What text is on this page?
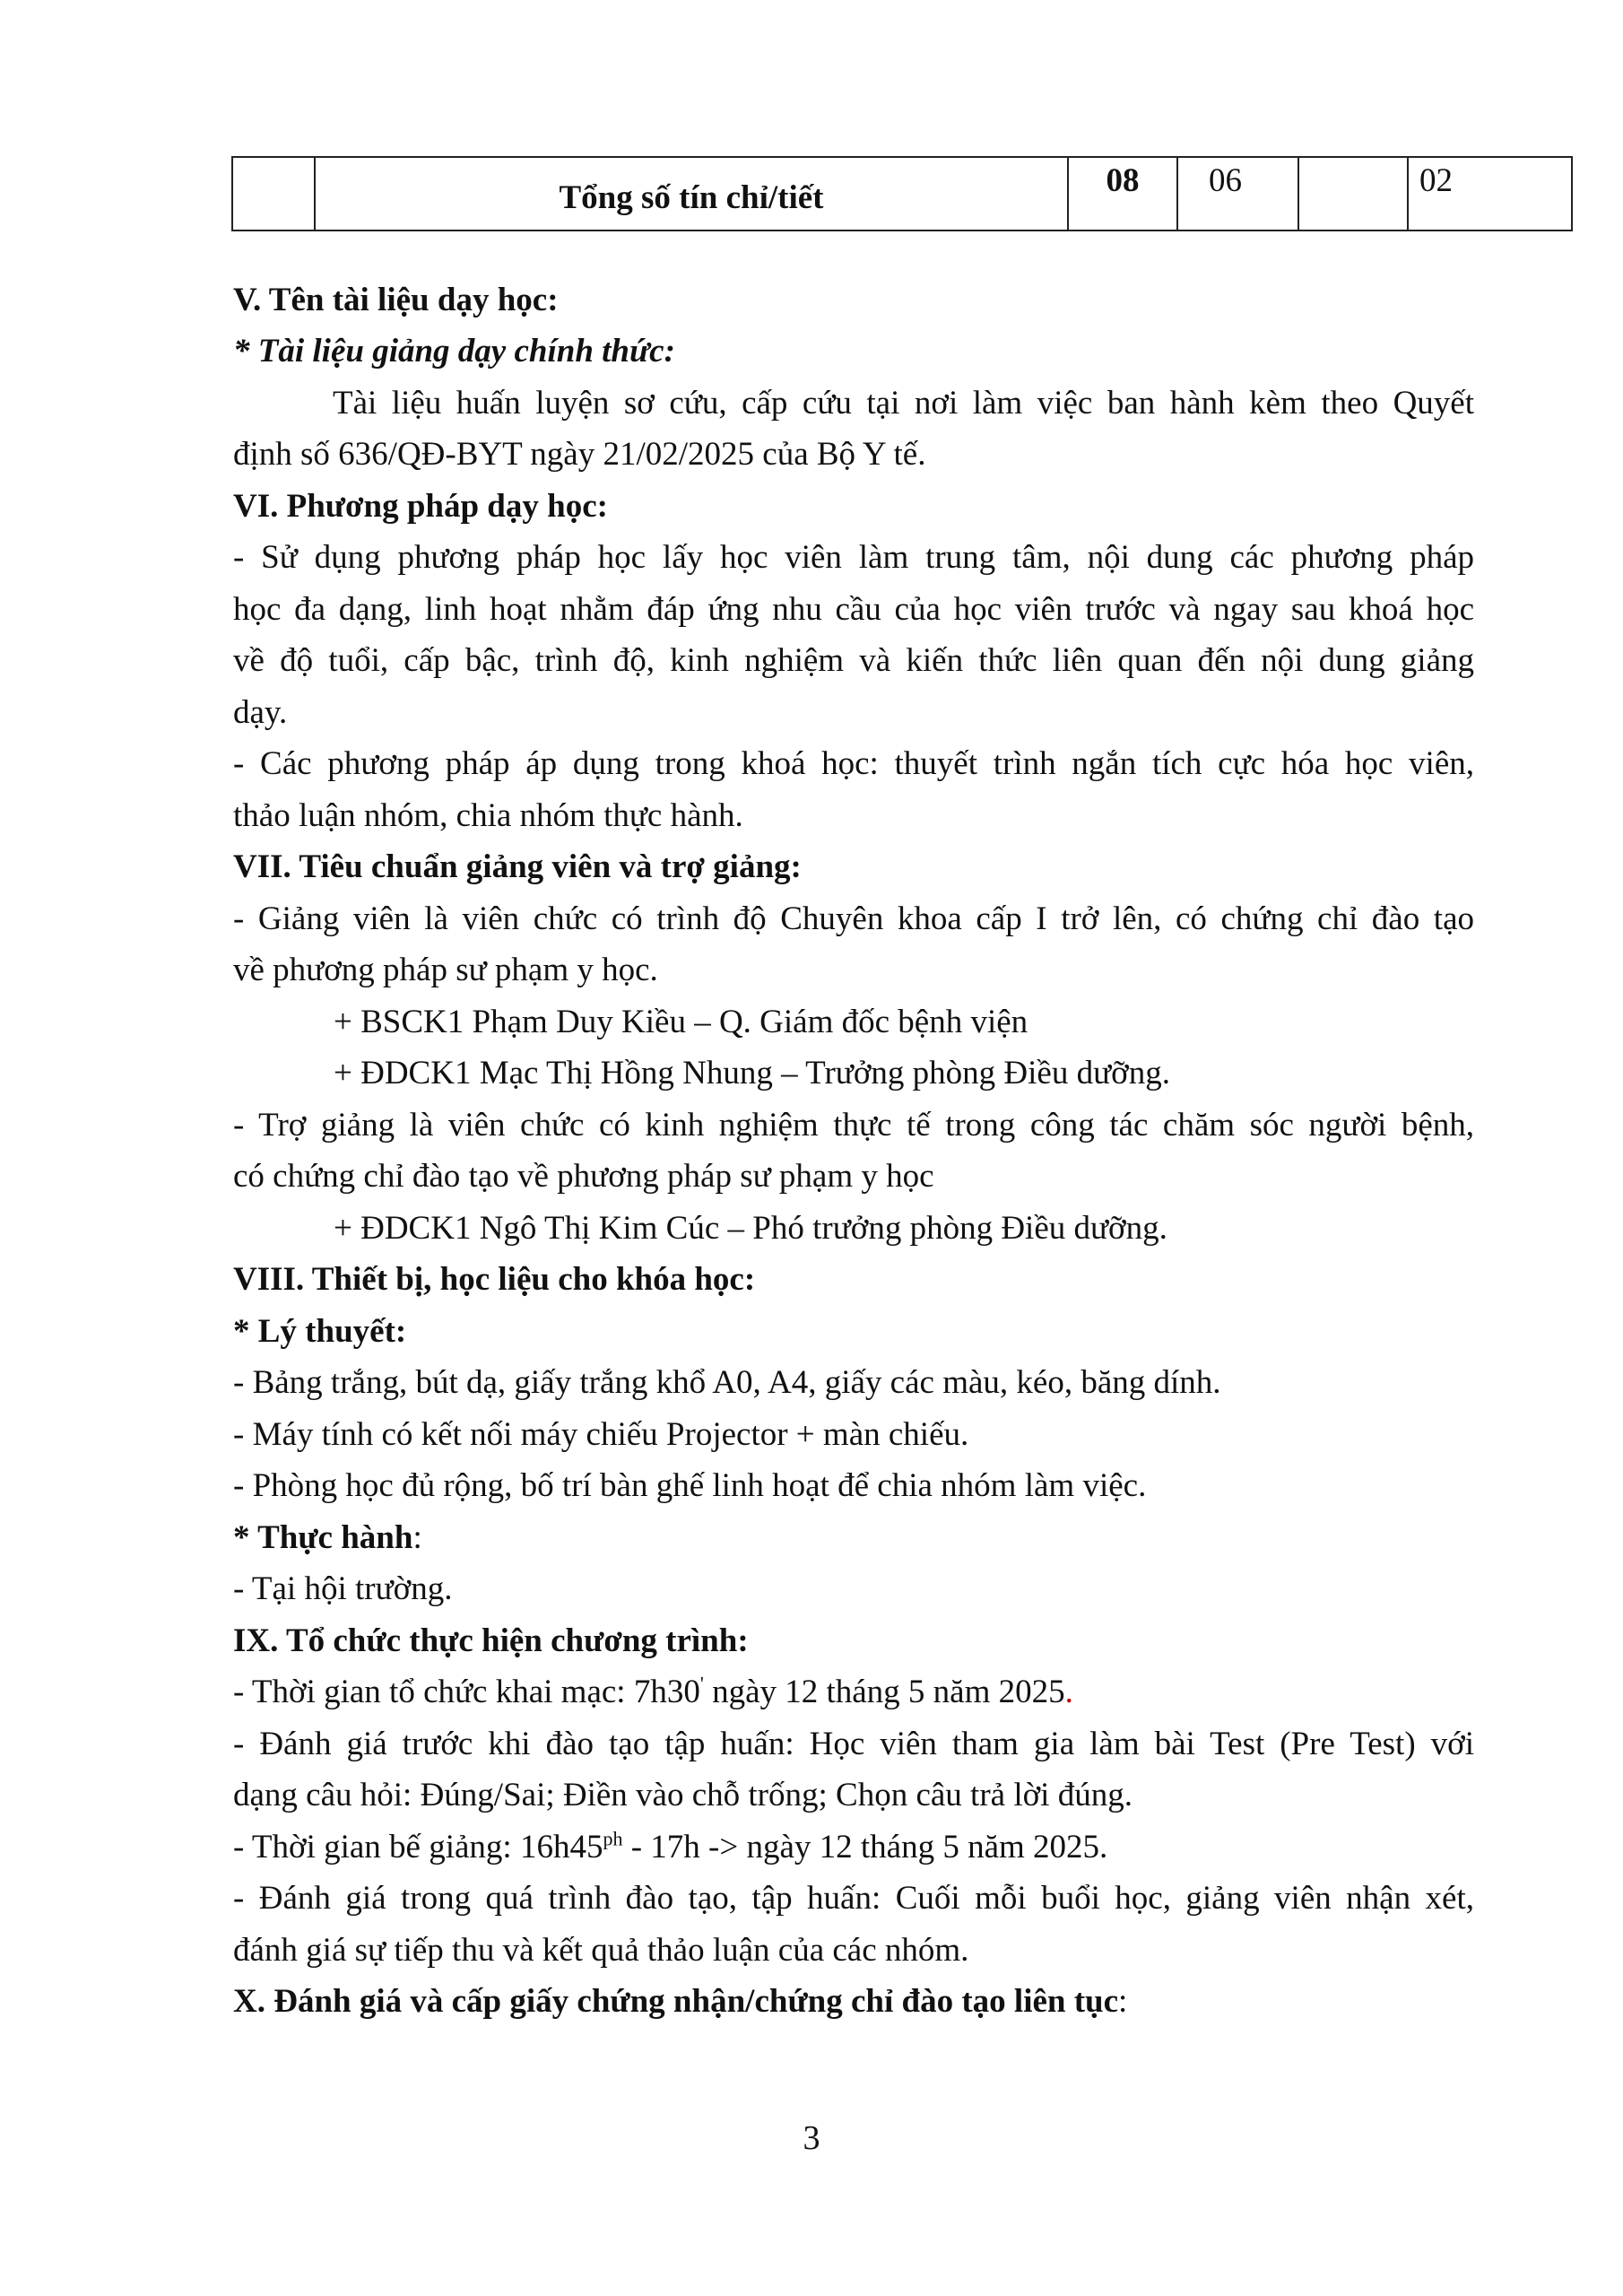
	Tổng số tín chỉ/tiết	08	06		02
V. Tên tài liệu dạy học:
* Tài liệu giảng dạy chính thức:
Tài liệu huấn luyện sơ cứu, cấp cứu tại nơi làm việc ban hành kèm theo Quyết
định số 636/QĐ-BYT ngày 21/02/2025 của Bộ Y tế.
VI. Phương pháp dạy học:
- Sử dụng phương pháp học lấy học viên làm trung tâm, nội dung các phương pháp
học đa dạng, linh hoạt nhằm đáp ứng nhu cầu của học viên trước và ngay sau khoá học
về độ tuổi, cấp bậc, trình độ, kinh nghiệm và kiến thức liên quan đến nội dung giảng
dạy.
- Các phương pháp áp dụng trong khoá học: thuyết trình ngắn tích cực hóa học viên,
thảo luận nhóm, chia nhóm thực hành.
VII. Tiêu chuẩn giảng viên và trợ giảng:
- Giảng viên là viên chức có trình độ Chuyên khoa cấp I trở lên, có chứng chỉ đào tạo
về phương pháp sư phạm y học.
+ BSCK1 Phạm Duy Kiều – Q. Giám đốc bệnh viện
+ ĐDCK1 Mạc Thị Hồng Nhung – Trưởng phòng Điều dưỡng.
- Trợ giảng là viên chức có kinh nghiệm thực tế trong công tác chăm sóc người bệnh,
có chứng chỉ đào tạo về phương pháp sư phạm y học
+ ĐDCK1 Ngô Thị Kim Cúc – Phó trưởng phòng Điều dưỡng.
VIII. Thiết bị, học liệu cho khóa học:
* Lý thuyết:
- Bảng trắng, bút dạ, giấy trắng khổ A0, A4, giấy các màu, kéo, băng dính.
- Máy tính có kết nối máy chiếu Projector + màn chiếu.
- Phòng học đủ rộng, bố trí bàn ghế linh hoạt để chia nhóm làm việc.
* Thực hành:
- Tại hội trường.
IX. Tổ chức thực hiện chương trình:
- Thời gian tổ chức khai mạc: 7h30' ngày 12 tháng 5 năm 2025.
- Đánh giá trước khi đào tạo tập huấn: Học viên tham gia làm bài Test (Pre Test) với
dạng câu hỏi: Đúng/Sai; Điền vào chỗ trống; Chọn câu trả lời đúng.
- Thời gian bế giảng: $16h45^{ph} - 17h$ -> ngày 12 tháng 5 năm 2025.
- Đánh giá trong quá trình đào tạo, tập huấn: Cuối mỗi buổi học, giảng viên nhận xét,
đánh giá sự tiếp thu và kết quả thảo luận của các nhóm.
X. Đánh giá và cấp giấy chứng nhận/chứng chỉ đào tạo liên tục:
3
